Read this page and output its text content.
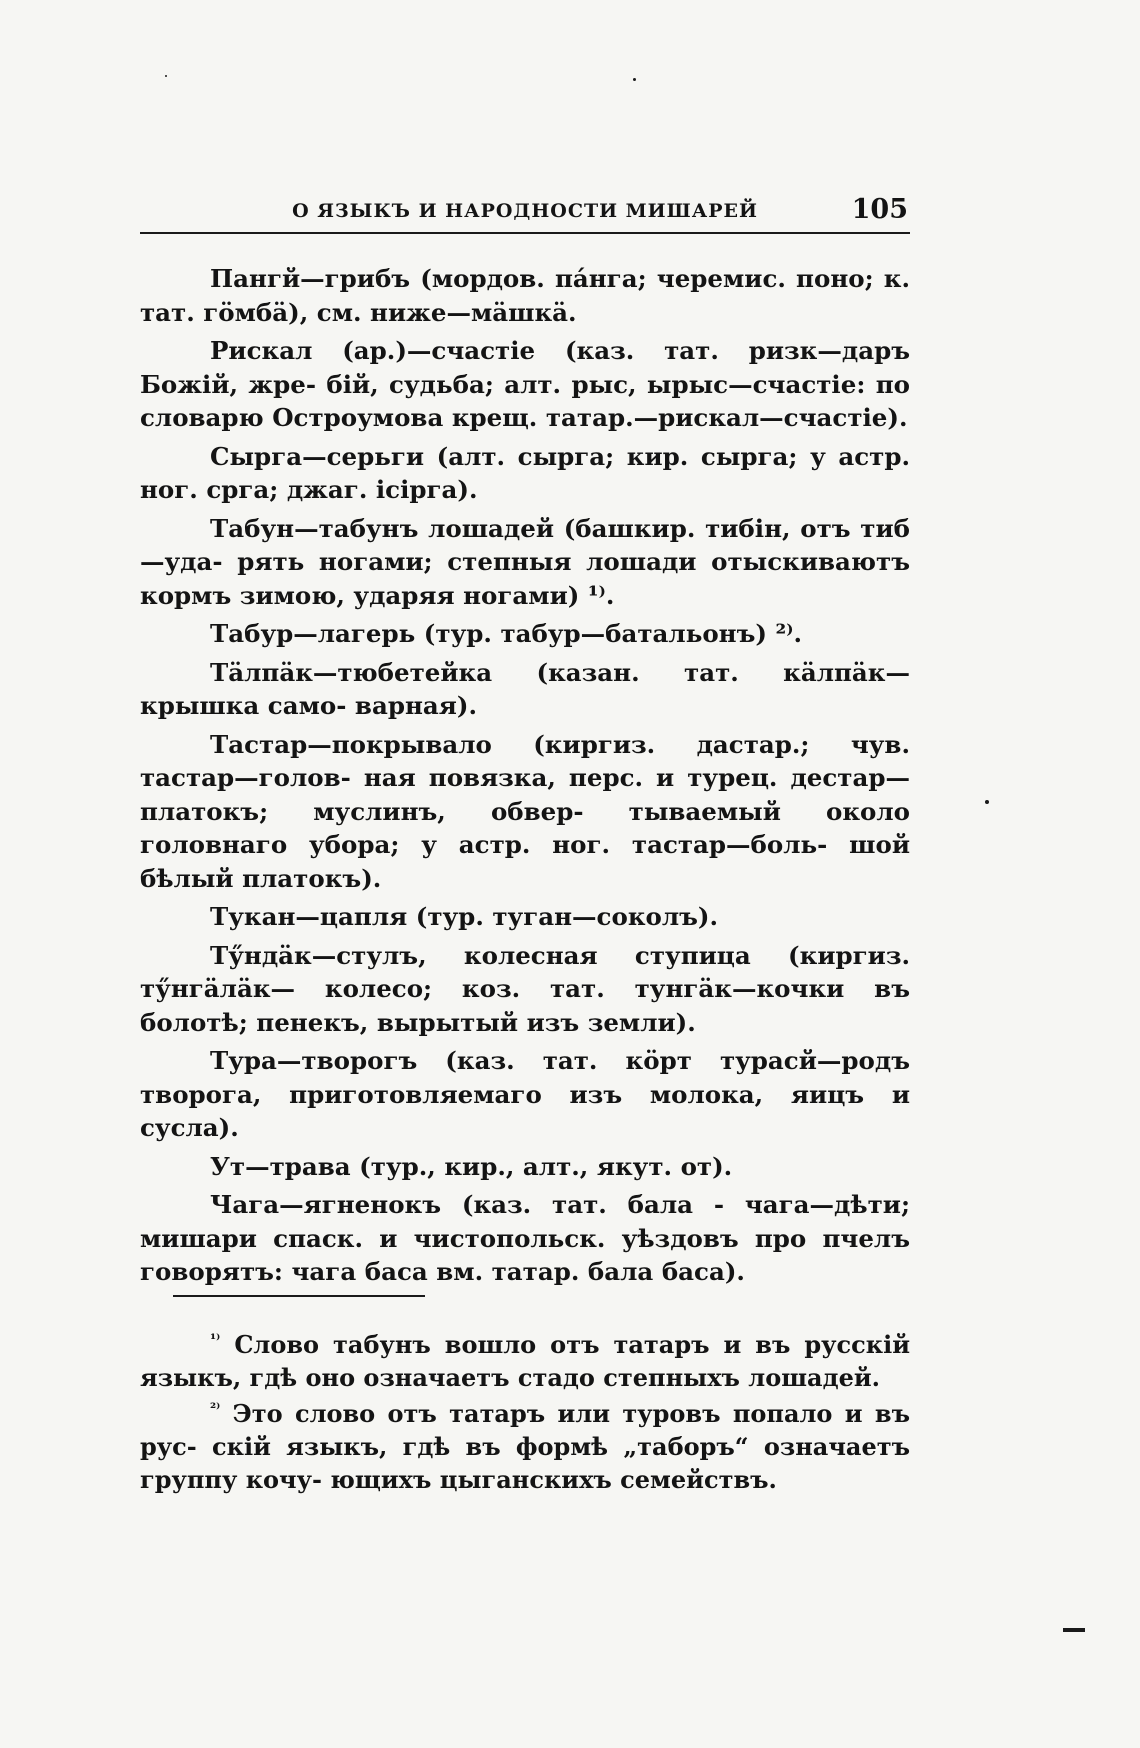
О ЯЗЫКЪ И НАРОДНОСТИ МИШАРЕЙ	105

Пангй—грибъ (мордов. па́нга; черемис. поно; к. тат. гöмбä), см. ниже—мäшкä.

Рискал (ар.)—счастіе (каз. тат. ризк—даръ Божій, жре- бій, судьба; алт. рыс, ырыс—счастіе: по словарю Остроумова крещ. татар.—рискал—счастіе).

Сырга—серьги (алт. сырга; кир. сырга; у астр. ног. срга; джаг. ісірга).

Табун—табунъ лошадей (башкир. тибін, отъ тиб—уда- рять ногами; степныя лошади отыскиваютъ кормъ зимою, ударяя ногами) ¹⁾.

Табур—лагерь (тур. табур—батальонъ) ²⁾.

Тäлпäк—тюбетейка (казан. тат. кäлпäк—крышка само- варная).

Тастар—покрывало (киргиз. дастар.; чув. тастар—голов- ная повязка, перс. и турец. дестар—платокъ; муслинъ, обвер- тываемый около головнаго убора; у астр. ног. тастар—боль- шой бѣлый платокъ).

Тукан—цапля (тур. туган—соколъ).

Тӳндäк—стулъ, колесная ступица (киргиз. тӳнгäлäк— колесо; коз. тат. тунгäк—кочки въ болотѣ; пенекъ, вырытый изъ земли).

Тура—творогъ (каз. тат. кöрт турасй—родъ творога, приготовляемаго изъ молока, яицъ и сусла).

Ут—трава (тур., кир., алт., якут. от).

Чага—ягненокъ (каз. тат. бала - чага—дѣти; мишари спаск. и чистопольск. уѣздовъ про пчелъ говорятъ: чага баса вм. татар. бала баса).

$^{^{1)}}$ Слово табунъ вошло отъ татаръ и въ русскій языкъ, гдѣ оно означаетъ стадо степныхъ лошадей.

$^{^{2)}}$ Это слово отъ татаръ или туровъ попало и въ рус- скій языкъ, гдѣ въ формѣ „таборъ“ означаетъ группу кочу- ющихъ цыганскихъ семействъ.
